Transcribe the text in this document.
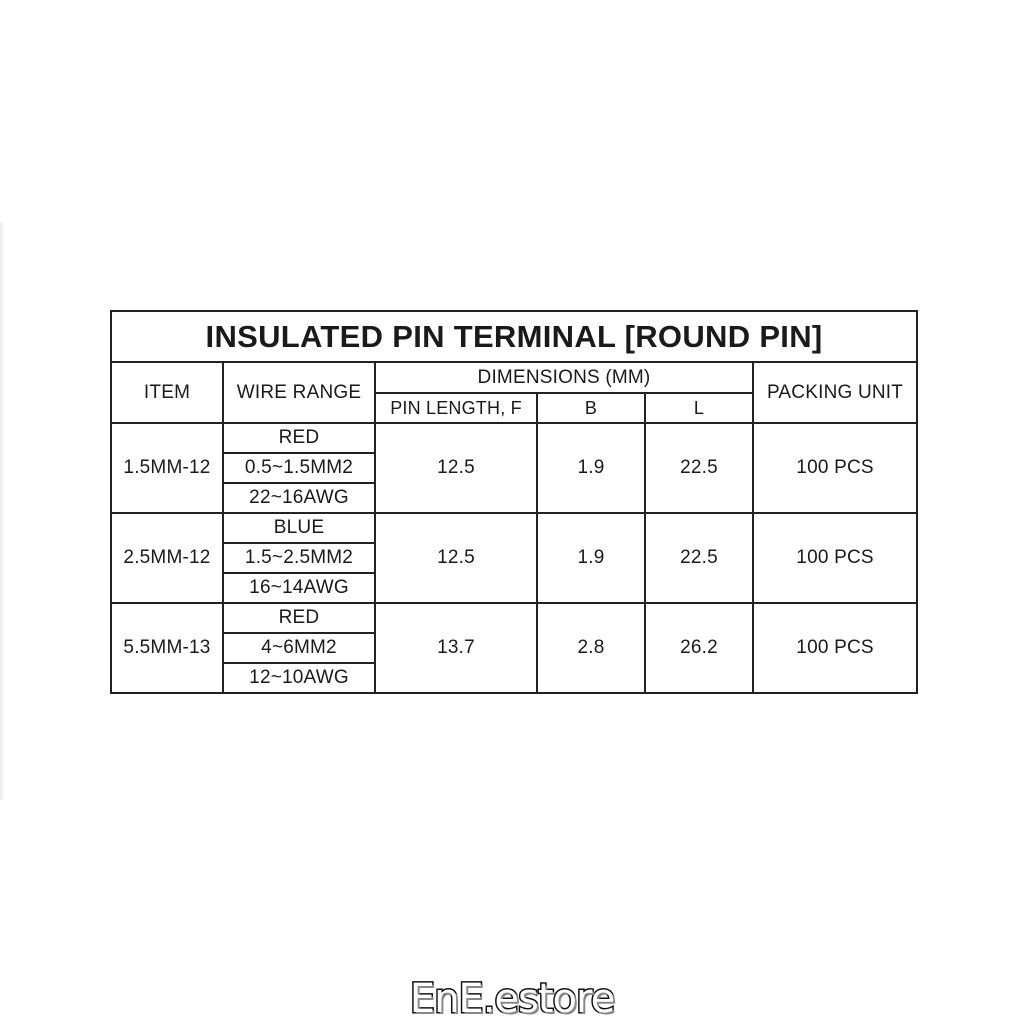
INSULATED PIN TERMINAL [ROUND PIN]					
ITEM	WIRE RANGE	DIMENSIONS (MM)			PACKING UNIT
		PIN LENGTH, F	B	L	
1.5MM-12	RED	12.5	1.9	22.5	100 PCS
	0.5~1.5MM2				
	22~16AWG				
2.5MM-12	BLUE	12.5	1.9	22.5	100 PCS
	1.5~2.5MM2				
	16~14AWG				
5.5MM-13	RED	13.7	2.8	26.2	100 PCS
	4~6MM2				
	12~10AWG				
EnE.estore
